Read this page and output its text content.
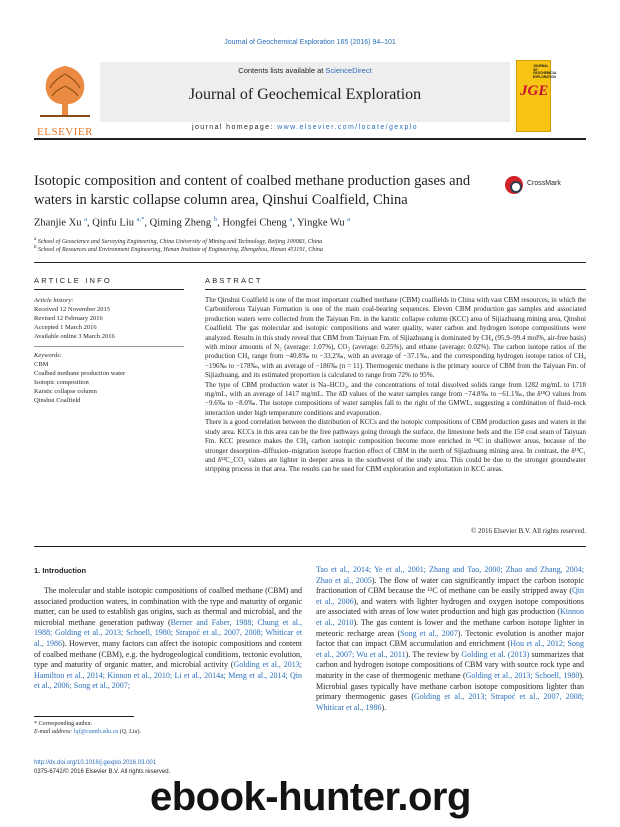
Journal of Geochemical Exploration 165 (2016) 94–101
ELSEVIER
Contents lists available at ScienceDirect
Journal of Geochemical Exploration
journal homepage: www.elsevier.com/locate/gexplo
JOURNAL OF GEOCHEMICAL EXPLORATION
JGE
Isotopic composition and content of coalbed methane production gases and waters in karstic collapse column area, Qinshui Coalfield, China
CrossMark
Zhanjie Xu $^a$, Qinfu Liu $^{a,*}$, Qiming Zheng $^b$, Hongfei Cheng $^a$, Yingke Wu $^a$
$^a$ School of Geoscience and Surveying Engineering, China University of Mining and Technology, Beijing 100083, China
$^b$ School of Resources and Environment Engineering, Henan Institute of Engineering, Zhengzhou, Henan 451191, China
ARTICLE INFO	ABSTRACT
Article history:
Received 12 November 2015
Revised 12 February 2016
Accepted 1 March 2016
Available online 3 March 2016
Keywords:
CBM
Coalbed methane production water
Isotopic composition
Karstic collapse column
Qinshui Coalfield

The Qinshui Coalfield is one of the most important coalbed methane (CBM) coalfields in China with vast CBM resources, in which the Carboniferous Taiyuan Formation is one of the main coal-bearing sequences. Eleven CBM production gas samples and associated production waters were collected from the Taiyuan Fm. in the karstic collapse column (KCC) area of Sijiazhuang mining area, Qinshui Coalfield. The gas molecular and isotopic compositions and water quality, water carbon and hydrogen isotope compositions were analyzed. Results in this study reveal that CBM from Taiyuan Fm. of Sijiazhuang is dominated by CH₄ (95.9–99.4 mol%, air-free basis) with minor amounts of N₂ (average: 1.07%), CO₂ (average: 0.25%), and ethane (average: 0.02%). The carbon isotope ratios of the production CH₄ range from −40.8‰ to −33.2‰, with an average of −37.1‰, and the corresponding hydrogen isotope ratios of CH₄ −196‰ to −178‰, with an average of −186‰ (n = 11). Thermogenic methane is the primary source of CBM from the Taiyuan Fm. of Sijiazhuang, and its estimated proportion is calculated to range from 72% to 95%.

The type of CBM production water is Na–HCO₃, and the concentrations of total dissolved solids range from 1282 mg/mL to 1718 mg/mL, with an average of 1417 mg/mL. The δD values of the water samples range from −74.8‰ to −61.1‰, the δ¹⁸O values from −9.6‰ to −8.0‰. The isotope compositions of water samples fall to the right of the GMWL, suggesting a combination of fluid–rock interaction under high temperature conditions and evaporation.

There is a good correlation between the distribution of KCCs and the isotopic compositions of CBM production gases and waters in the study area. KCCs in this area can be the free pathways going through the surface, the limestone beds and the 15# coal seam of Taiyuan Fm. KCC presence makes the CH₄ carbon isotopic composition become more enriched in ¹³C in shallower areas, because of the stronger desorption–diffusion–migration isotope fraction effect of CBM in the north of Sijiazhuang mining area. In contrast, the δ¹³C₁ and δ¹³C_CO₂ values are lighter in deeper areas in the southwest of the study area. This could be due to the stronger groundwater stripping process in that area. The results can be used for CBM exploration and exploitation in KCC areas.

© 2016 Elsevier B.V. All rights reserved.
1. Introduction

The molecular and stable isotopic compositions of coalbed methane (CBM) and associated production waters, in combination with the type and maturity of organic matter, can be used to establish gas origins, such as thermal and microbial, and the microbial methane generation pathway (Berner and Faber, 1988; Chung et al., 1988; Golding et al., 2013; Schoell, 1980; Strapoć et al., 2007, 2008; Whiticar et al., 1986). However, many factors can affect the isotopic compositions and content of coalbed methane (CBM), e.g. the hydrogeological conditions, tectonic evolution, type and maturity of organic matter, and microbial activity (Golding et al., 2013; Hamilton et al., 2014; Kinnon et al., 2010; Li et al., 2014a; Meng et al., 2014; Qin et al., 2006; Song et al., 2007;

Tao et al., 2014; Ye et al., 2001; Zhang and Tao, 2000; Zhao and Zhang, 2004; Zhao et al., 2005). The flow of water can significantly impact the carbon isotopic fractionation of CBM because the ¹³C of methane can be easily stripped away (Qin et al., 2006), and waters with lighter hydrogen and oxygen isotope compositions are associated with areas of low water production and high gas production (Kinnon et al., 2010). The gas content is lower and the methane carbon isotope lighter in meteoric recharge areas (Song et al., 2007). Tectonic evolution is another major factor that can impact CBM accumulation and enrichment (Hou et al., 2012; Song et al., 2007; Wu et al., 2011). The review by Golding et al. (2013) summarizes that carbon and hydrogen isotope compositions of CBM vary with source rock type and maturity in the case of thermogenic methane (Golding et al., 2013; Schoell, 1980). Microbial gases typically have methane carbon isotope compositions lighter than primary thermogenic gases (Golding et al., 2013; Strapoć et al., 2007, 2008; Whiticar et al., 1986).

* Corresponding author.
E-mail address: lqf@cumtb.edu.cn (Q. Liu).
http://dx.doi.org/10.1016/j.gexplo.2016.03.001
0375-6742/© 2016 Elsevier B.V. All rights reserved.
ebook-hunter.org
